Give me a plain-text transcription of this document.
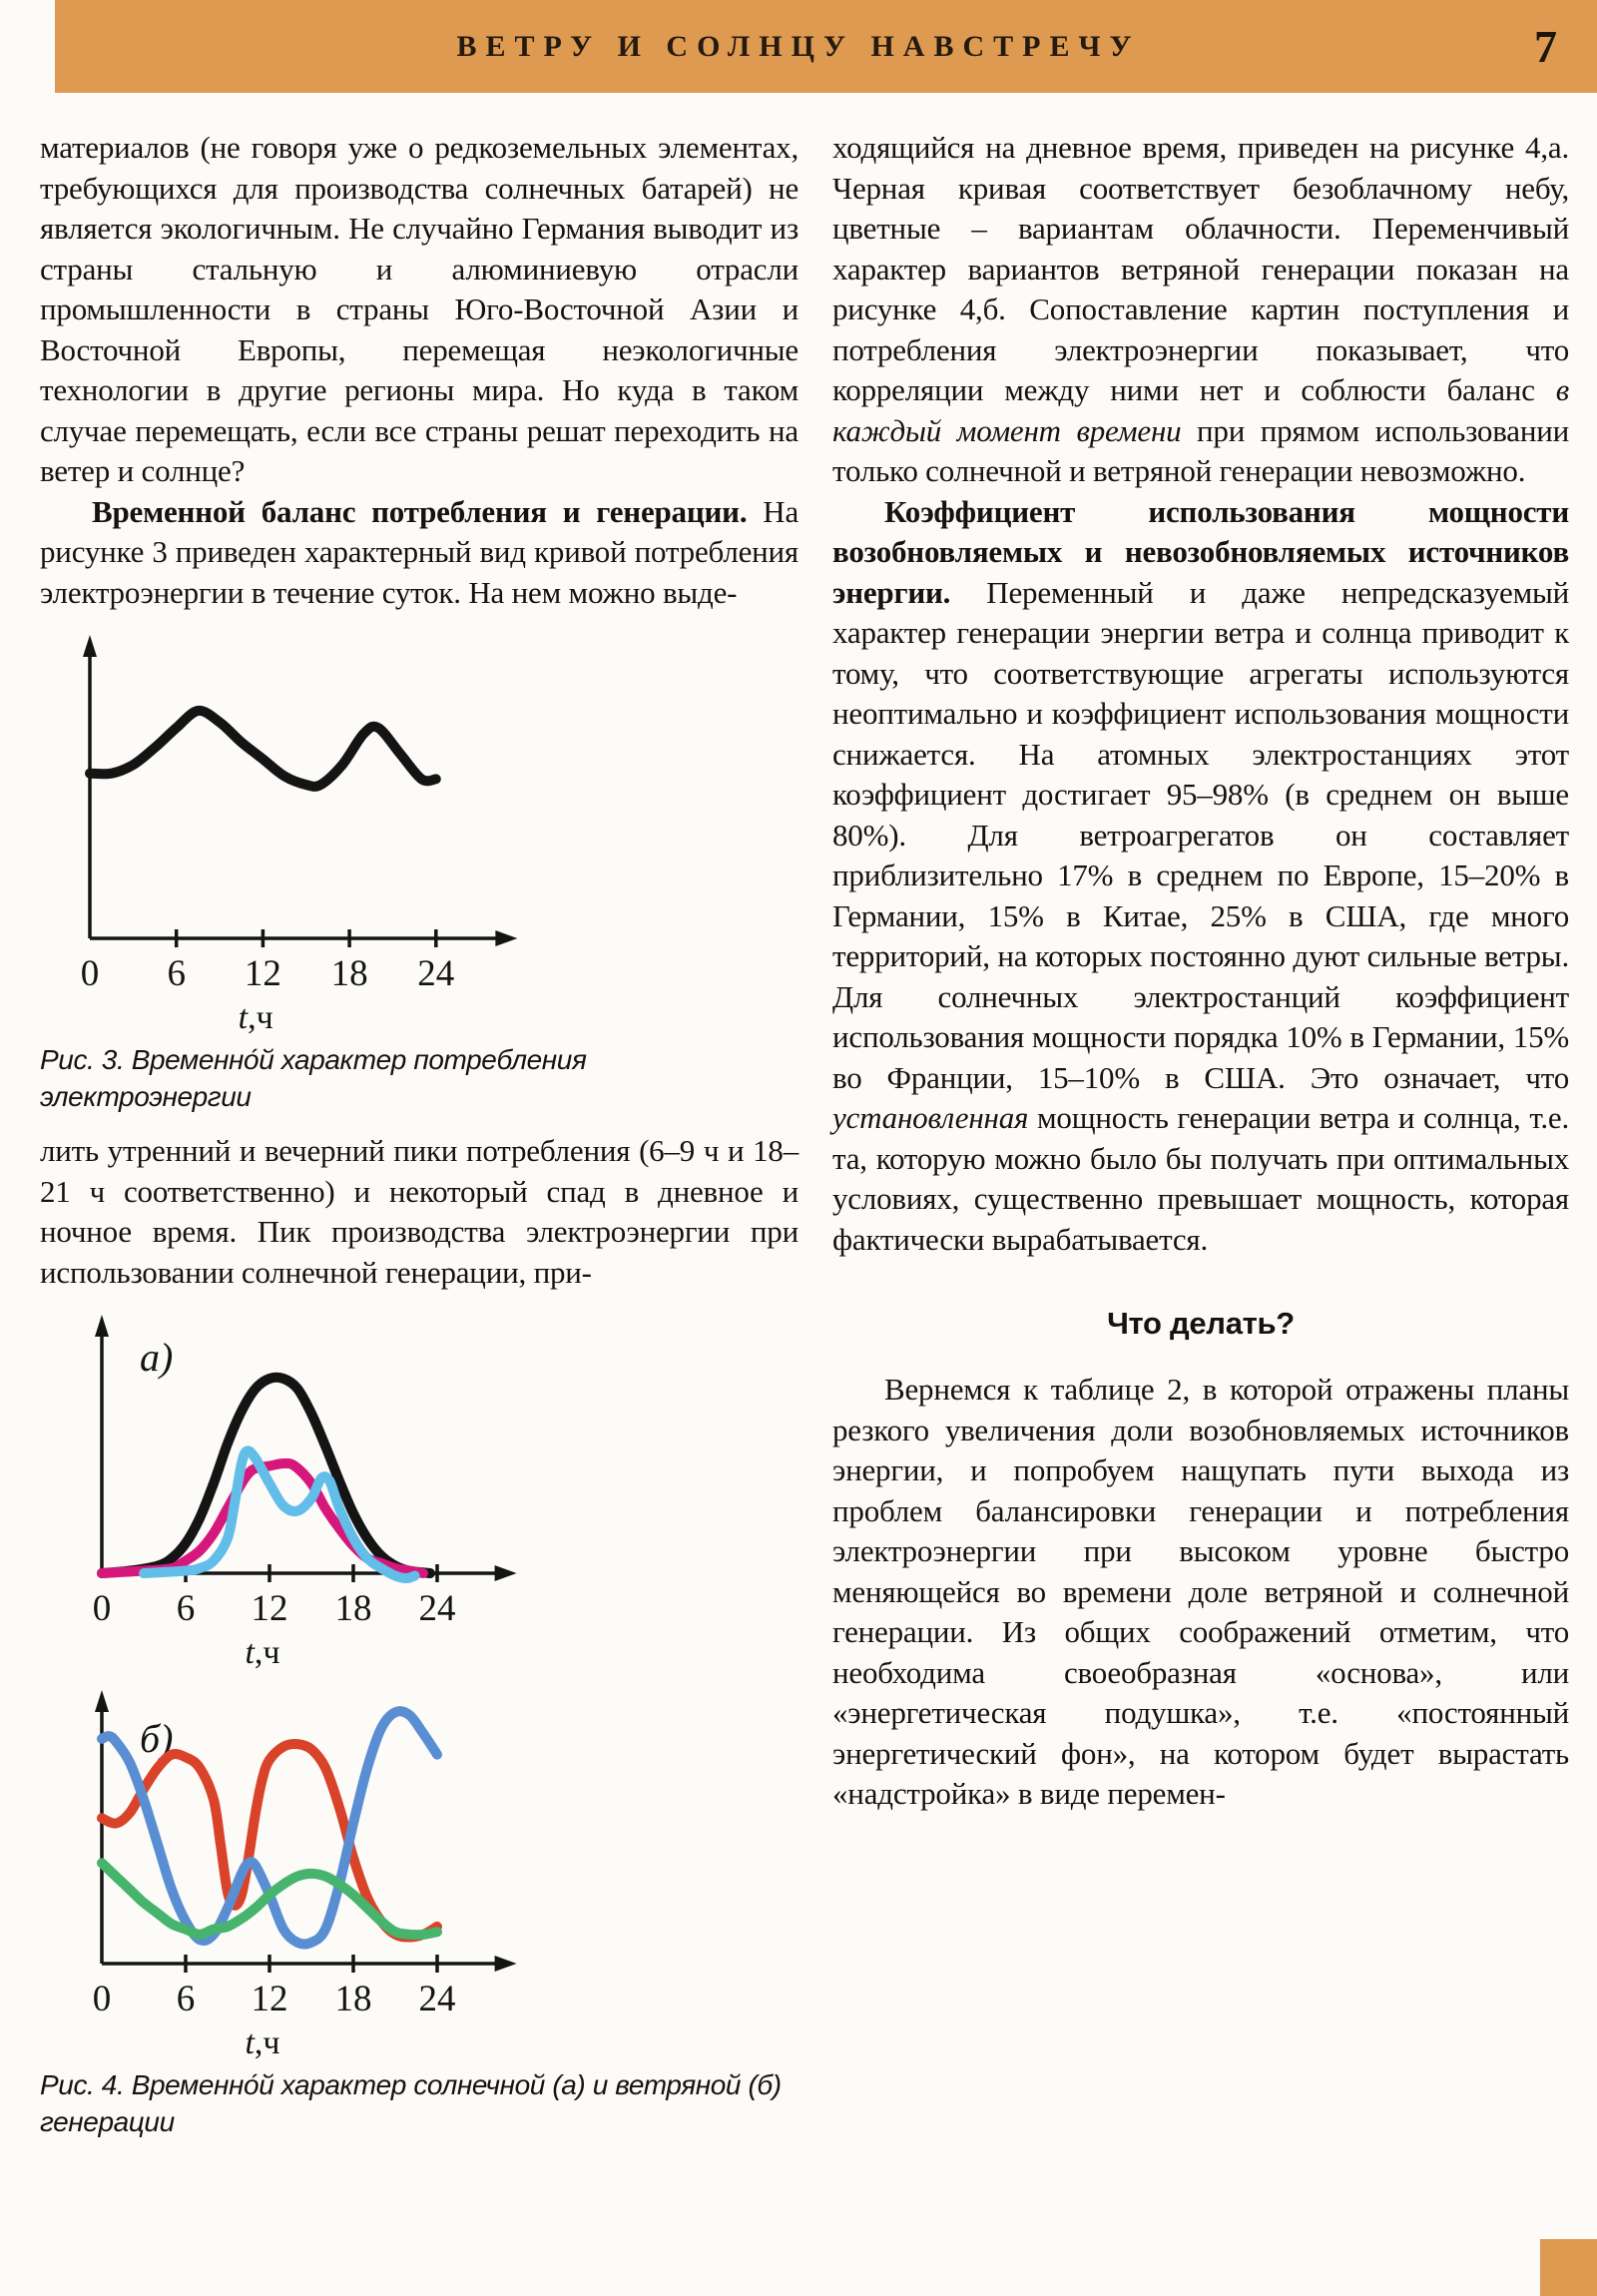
ВЕТРУ И СОЛНЦУ НАВСТРЕЧУ	7

материалов (не говоря уже о редкоземельных элементах, требующихся для производства солнечных батарей) не является экологичным. Не случайно Германия выводит из страны стальную и алюминиевую отрасли промышленности в страны Юго-Восточной Азии и Восточной Европы, перемещая неэкологичные технологии в другие регионы мира. Но куда в таком случае перемещать, если все страны решат переходить на ветер и солнце?

Временной баланс потребления и генерации. На рисунке 3 приведен характерный вид кривой потребления электроэнергии в течение суток. На нем можно выде-

0 6 12 18 24
t,ч
Рис. 3. Временно́й характер потребления электроэнергии

лить утренний и вечерний пики потребления (6–9 ч и 18–21 ч соответственно) и некоторый спад в дневное и ночное время. Пик производства электроэнергии при использовании солнечной генерации, при-

а)
0 6 12 18 24
t,ч
б)
0 6 12 18 24
t,ч
Рис. 4. Временно́й характер солнечной (а) и ветряной (б) генерации

ходящийся на дневное время, приведен на рисунке 4,а. Черная кривая соответствует безоблачному небу, цветные – вариантам облачности. Переменчивый характер вариантов ветряной генерации показан на рисунке 4,б. Сопоставление картин поступления и потребления электроэнергии показывает, что корреляции между ними нет и соблюсти баланс в каждый момент времени при прямом использовании только солнечной и ветряной генерации невозможно.

Коэффициент использования мощности возобновляемых и невозобновляемых источников энергии. Переменный и даже непредсказуемый характер генерации энергии ветра и солнца приводит к тому, что соответствующие агрегаты используются неоптимально и коэффициент использования мощности снижается. На атомных электростанциях этот коэффициент достигает 95–98% (в среднем он выше 80%). Для ветроагрегатов он составляет приблизительно 17% в среднем по Европе, 15–20% в Германии, 15% в Китае, 25% в США, где много территорий, на которых постоянно дуют сильные ветры. Для солнечных электростанций коэффициент использования мощности порядка 10% в Германии, 15% во Франции, 15–10% в США. Это означает, что установленная мощность генерации ветра и солнца, т.е. та, которую можно было бы получать при оптимальных условиях, существенно превышает мощность, которая фактически вырабатывается.

Что делать?

Вернемся к таблице 2, в которой отражены планы резкого увеличения доли возобновляемых источников энергии, и попробуем нащупать пути выхода из проблем балансировки генерации и потребления электроэнергии при высоком уровне быстро меняющейся во времени доле ветряной и солнечной генерации. Из общих соображений отметим, что необходима своеобразная «основа», или «энергетическая подушка», т.е. «постоянный энергетический фон», на котором будет вырастать «надстройка» в виде перемен-
